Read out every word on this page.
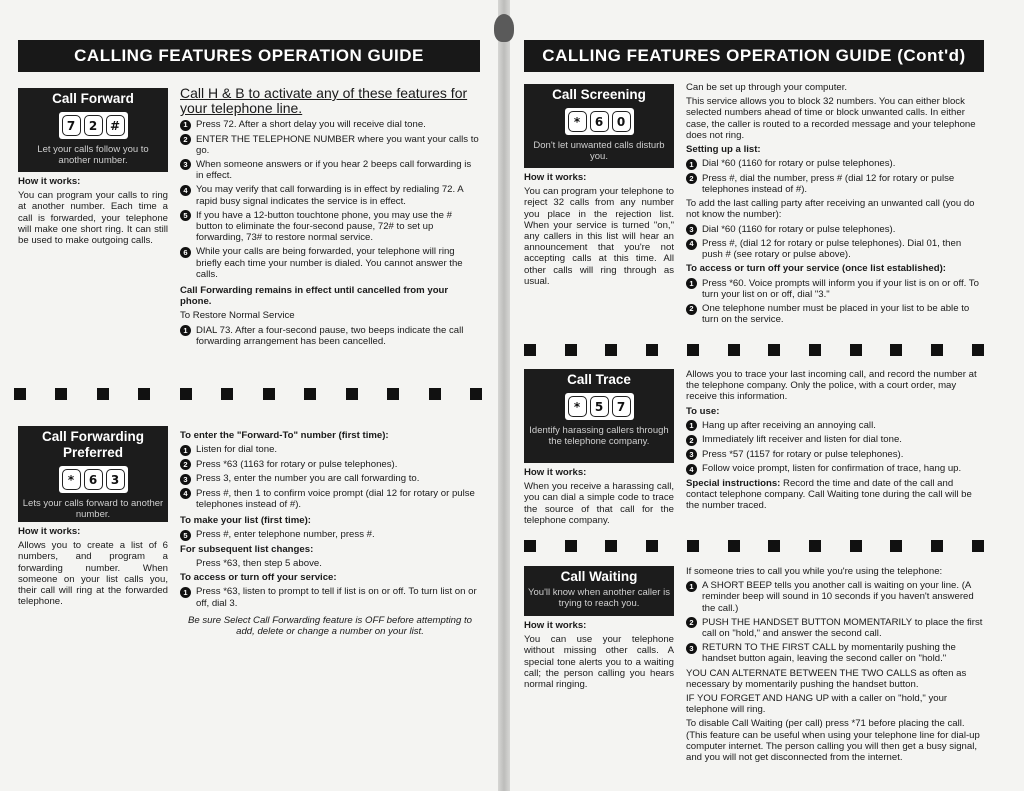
CALLING FEATURES OPERATION GUIDE
Call Forward
7	2	#
Let your calls follow you to another number.

How it works:

You can program your calls to ring at another number. Each time a call is forwarded, your telephone will make one short ring. It can still be used to make outgoing calls.

Call H & B to activate any of these features for your telephone line.

1 Press 72. After a short delay you will receive dial tone.
2 ENTER THE TELEPHONE NUMBER where you want your calls to go.
3 When someone answers or if you hear 2 beeps call forwarding is in effect.
4 You may verify that call forwarding is in effect by redialing 72. A rapid busy signal indicates the service is in effect.
5 If you have a 12-button touchtone phone, you may use the # button to eliminate the four-second pause, 72# to set up forwarding, 73# to restore normal service.
6 While your calls are being forwarded, your telephone will ring briefly each time your number is dialed. You cannot answer the calls.

Call Forwarding remains in effect until cancelled from your phone.

To Restore Normal Service

1 DIAL 73. After a four-second pause, two beeps indicate the call forwarding arrangement has been cancelled.
Call Forwarding Preferred
*	6	3
Lets your calls forward to another number.

How it works:

Allows you to create a list of 6 numbers, and program a forwarding number. When someone on your list calls you, their call will ring at the forwarded telephone.

To enter the "Forward-To" number (first time):

1 Listen for dial tone.
2 Press *63 (1163 for rotary or pulse telephones).
3 Press 3, enter the number you are call forwarding to.
4 Press #, then 1 to confirm voice prompt (dial 12 for rotary or pulse telephones instead of #).

To make your list (first time):

5 Press #, enter telephone number, press #.

For subsequent list changes:

Press *63, then step 5 above.

To access or turn off your service:

1 Press *63, listen to prompt to tell if list is on or off. To turn list on or off, dial 3.

Be sure Select Call Forwarding feature is OFF before attempting to add, delete or change a number on your list.

CALLING FEATURES OPERATION GUIDE (Cont'd)
Call Screening
*	6	0
Don't let unwanted calls disturb you.

How it works:

You can program your telephone to reject 32 calls from any number you place in the rejection list. When your service is turned "on," any callers in this list will hear an announcement that you're not accepting calls at this time. All other calls will ring through as usual.

Can be set up through your computer.

This service allows you to block 32 numbers. You can either block selected numbers ahead of time or block unwanted calls. In either case, the caller is routed to a recorded message and your telephone does not ring.

Setting up a list:

1 Dial *60 (1160 for rotary or pulse telephones).
2 Press #, dial the number, press # (dial 12 for rotary or pulse telephones instead of #).

To add the last calling party after receiving an unwanted call (you do not know the number):

3 Dial *60 (1160 for rotary or pulse telephones).
4 Press #, (dial 12 for rotary or pulse telephones). Dial 01, then push # (see rotary or pulse above).

To access or turn off your service (once list established):

1 Press *60. Voice prompts will inform you if your list is on or off. To turn your list on or off, dial "3."
2 One telephone number must be placed in your list to be able to turn on the service.
Call Trace
*	5	7
Identify harassing callers through the telephone company.

How it works:

When you receive a harassing call, you can dial a simple code to trace the source of that call for the telephone company.

Allows you to trace your last incoming call, and record the number at the telephone company. Only the police, with a court order, may receive this information.

To use:

1 Hang up after receiving an annoying call.
2 Immediately lift receiver and listen for dial tone.
3 Press *57 (1157 for rotary or pulse telephones).
4 Follow voice prompt, listen for confirmation of trace, hang up.

Special instructions: Record the time and date of the call and contact telephone company. Call Waiting tone during the call will be the number traced.

Call Waiting
You'll know when another caller is trying to reach you.

How it works:

You can use your telephone without missing other calls. A special tone alerts you to a waiting call; the person calling you hears normal ringing.

If someone tries to call you while you're using the telephone:

1 A SHORT BEEP tells you another call is waiting on your line. (A reminder beep will sound in 10 seconds if you haven't answered the call.)
2 PUSH THE HANDSET BUTTON MOMENTARILY to place the first call on "hold," and answer the second call.
3 RETURN TO THE FIRST CALL by momentarily pushing the handset button again, leaving the second caller on "hold."

YOU CAN ALTERNATE BETWEEN THE TWO CALLS as often as necessary by momentarily pushing the handset button.

IF YOU FORGET AND HANG UP with a caller on "hold," your telephone will ring.

To disable Call Waiting (per call) press *71 before placing the call. (This feature can be useful when using your telephone line for dial-up computer internet. The person calling you will then get a busy signal, and you will not get disconnected from the internet.
